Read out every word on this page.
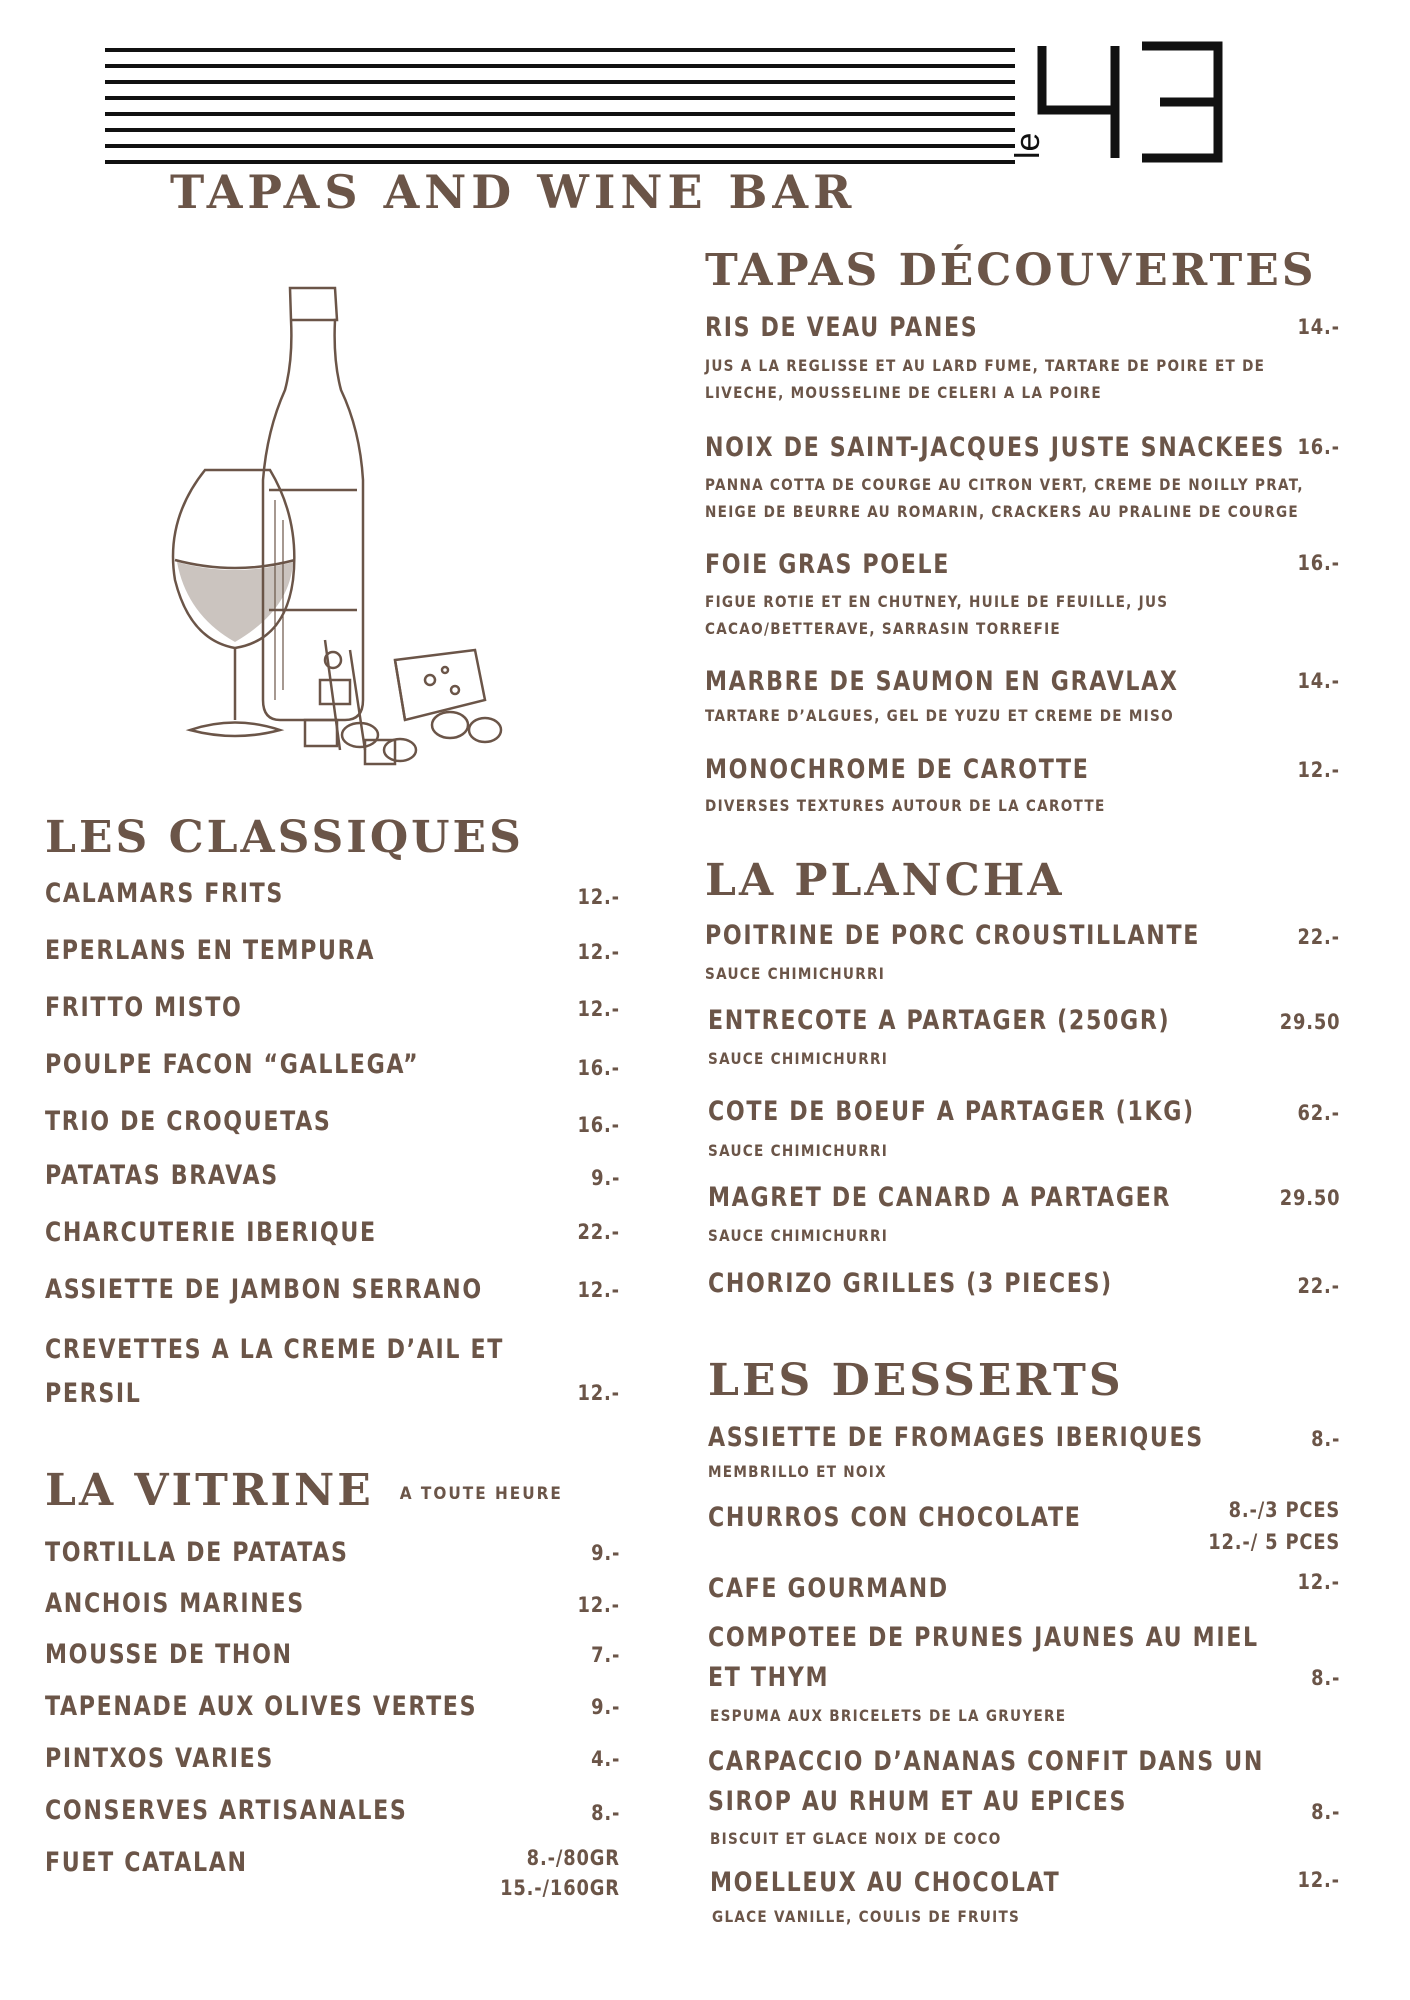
le
TAPAS AND WINE BAR
LES CLASSIQUES
CALAMARS FRITS	12.-
EPERLANS EN TEMPURA	12.-
FRITTO MISTO	12.-
POULPE FACON “GALLEGA”	16.-
TRIO DE CROQUETAS	16.-
PATATAS BRAVAS	9.-
CHARCUTERIE IBERIQUE	22.-
ASSIETTE DE JAMBON SERRANO	12.-
CREVETTES A LA CREME D’AIL ET
PERSIL	12.-
LA VITRINE A TOUTE HEURE
TORTILLA DE PATATAS	9.-
ANCHOIS MARINES	12.-
MOUSSE DE THON	7.-
TAPENADE AUX OLIVES VERTES	9.-
PINTXOS VARIES	4.-
CONSERVES ARTISANALES	8.-
FUET CATALAN	8.-/80GR
15.-/160GR
TAPAS DÉCOUVERTES
RIS DE VEAU PANES	14.-
JUS A LA REGLISSE ET AU LARD FUME, TARTARE DE POIRE ET DE
LIVECHE, MOUSSELINE DE CELERI A LA POIRE
NOIX DE SAINT-JACQUES JUSTE SNACKEES 16.-
PANNA COTTA DE COURGE AU CITRON VERT, CREME DE NOILLY PRAT,
NEIGE DE BEURRE AU ROMARIN, CRACKERS AU PRALINE DE COURGE
FOIE GRAS POELE	16.-
FIGUE ROTIE ET EN CHUTNEY, HUILE DE FEUILLE, JUS
CACAO/BETTERAVE, SARRASIN TORREFIE
MARBRE DE SAUMON EN GRAVLAX	14.-
TARTARE D’ALGUES, GEL DE YUZU ET CREME DE MISO
MONOCHROME DE CAROTTE	12.-
DIVERSES TEXTURES AUTOUR DE LA CAROTTE
LA PLANCHA
POITRINE DE PORC CROUSTILLANTE	22.-
SAUCE CHIMICHURRI
ENTRECOTE A PARTAGER (250GR)	29.50
SAUCE CHIMICHURRI
COTE DE BOEUF A PARTAGER (1KG)	62.-
SAUCE CHIMICHURRI
MAGRET DE CANARD A PARTAGER	29.50
SAUCE CHIMICHURRI
CHORIZO GRILLES (3 PIECES)	22.-
LES DESSERTS
ASSIETTE DE FROMAGES IBERIQUES	8.-
MEMBRILLO ET NOIX
CHURROS CON CHOCOLATE	8.-/3 PCES
12.-/ 5 PCES
CAFE GOURMAND	12.-
COMPOTEE DE PRUNES JAUNES AU MIEL
ET THYM	8.-
ESPUMA AUX BRICELETS DE LA GRUYERE
CARPACCIO D’ANANAS CONFIT DANS UN
SIROP AU RHUM ET AU EPICES	8.-
BISCUIT ET GLACE NOIX DE COCO
MOELLEUX AU CHOCOLAT	12.-
GLACE VANILLE, COULIS DE FRUITS
